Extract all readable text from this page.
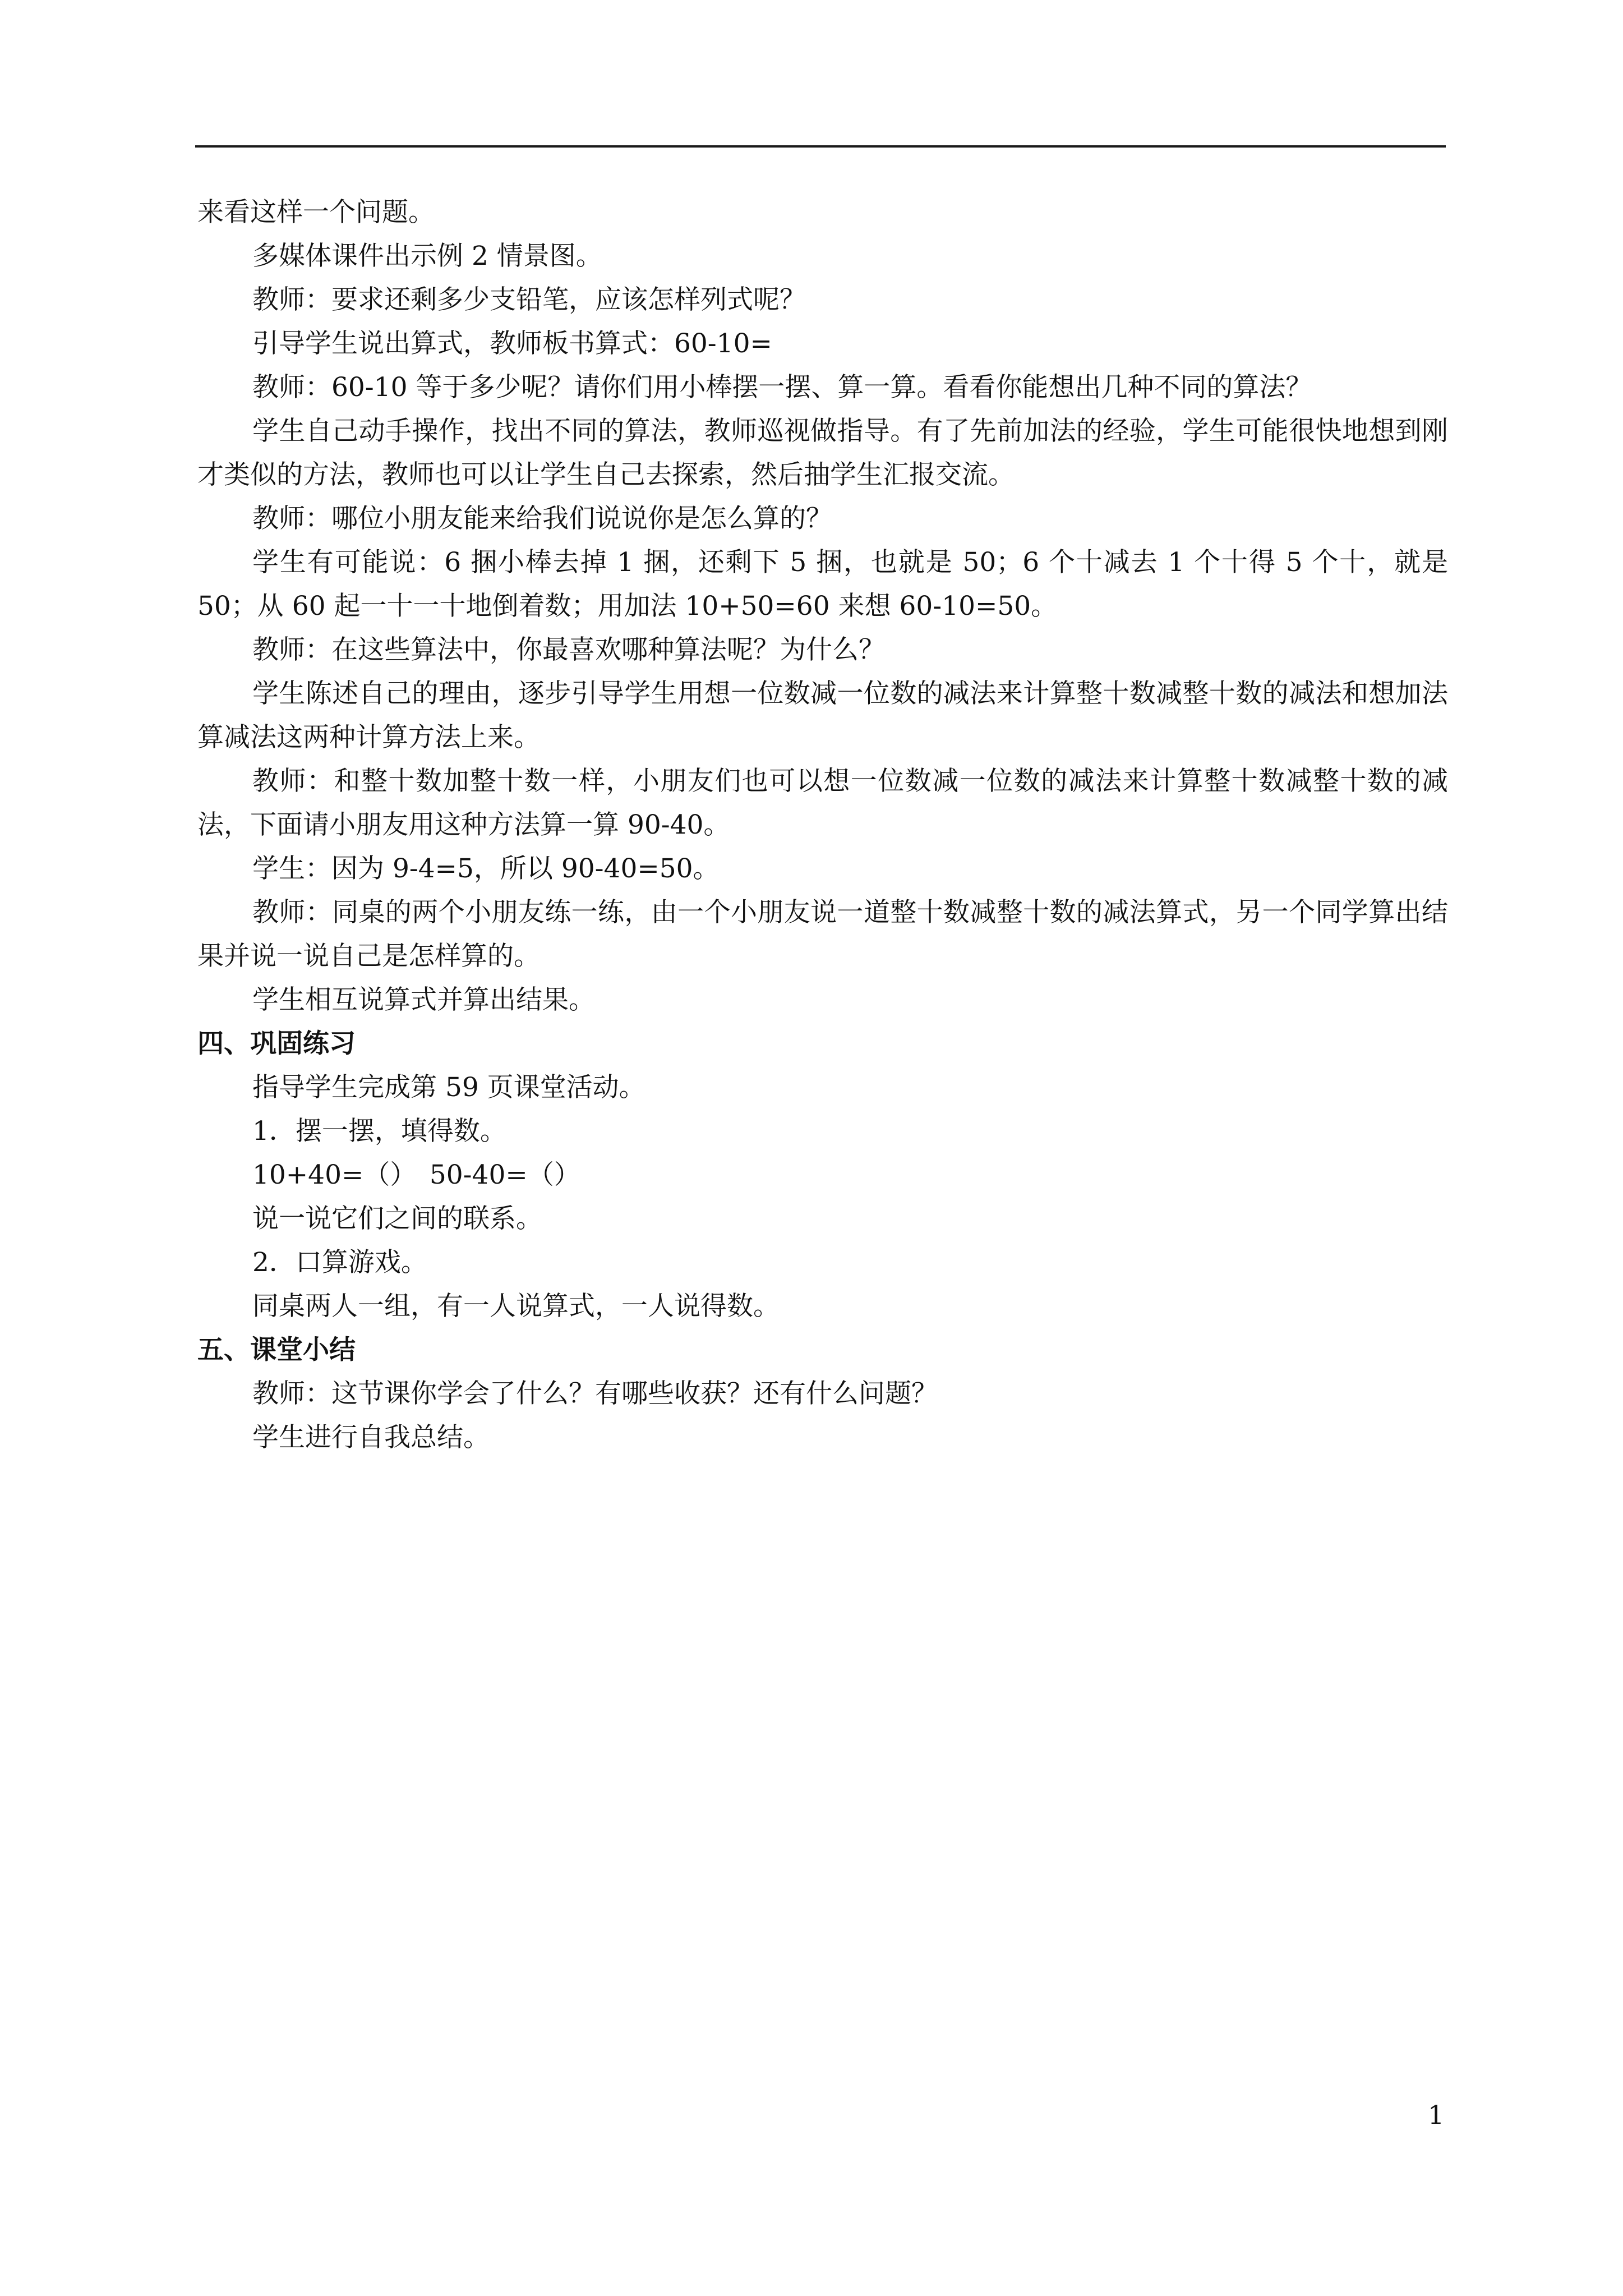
来看这样一个问题。

多媒体课件出示例 2 情景图。

教师：要求还剩多少支铅笔，应该怎样列式呢？

引导学生说出算式，教师板书算式：60-10=

教师：60-10 等于多少呢？请你们用小棒摆一摆、算一算。看看你能想出几种不同的算法？

学生自己动手操作，找出不同的算法，教师巡视做指导。有了先前加法的经验，学生可能很快地想到刚才类似的方法，教师也可以让学生自己去探索，然后抽学生汇报交流。

教师：哪位小朋友能来给我们说说你是怎么算的？

学生有可能说：6 捆小棒去掉 1 捆，还剩下 5 捆，也就是 50；6 个十减去 1 个十得 5 个十，就是 50；从 60 起一十一十地倒着数；用加法 10+50=60 来想 60-10=50。

教师：在这些算法中，你最喜欢哪种算法呢？为什么？

学生陈述自己的理由，逐步引导学生用想一位数减一位数的减法来计算整十数减整十数的减法和想加法算减法这两种计算方法上来。

教师：和整十数加整十数一样，小朋友们也可以想一位数减一位数的减法来计算整十数减整十数的减法，下面请小朋友用这种方法算一算 90-40。

学生：因为 9-4=5，所以 90-40=50。

教师：同桌的两个小朋友练一练，由一个小朋友说一道整十数减整十数的减法算式，另一个同学算出结果并说一说自己是怎样算的。

学生相互说算式并算出结果。

四、巩固练习

指导学生完成第 59 页课堂活动。

1．摆一摆，填得数。

10+40=（）　50-40=（）

说一说它们之间的联系。

2．口算游戏。

同桌两人一组，有一人说算式，一人说得数。

五、课堂小结

教师：这节课你学会了什么？有哪些收获？还有什么问题？

学生进行自我总结。

1
